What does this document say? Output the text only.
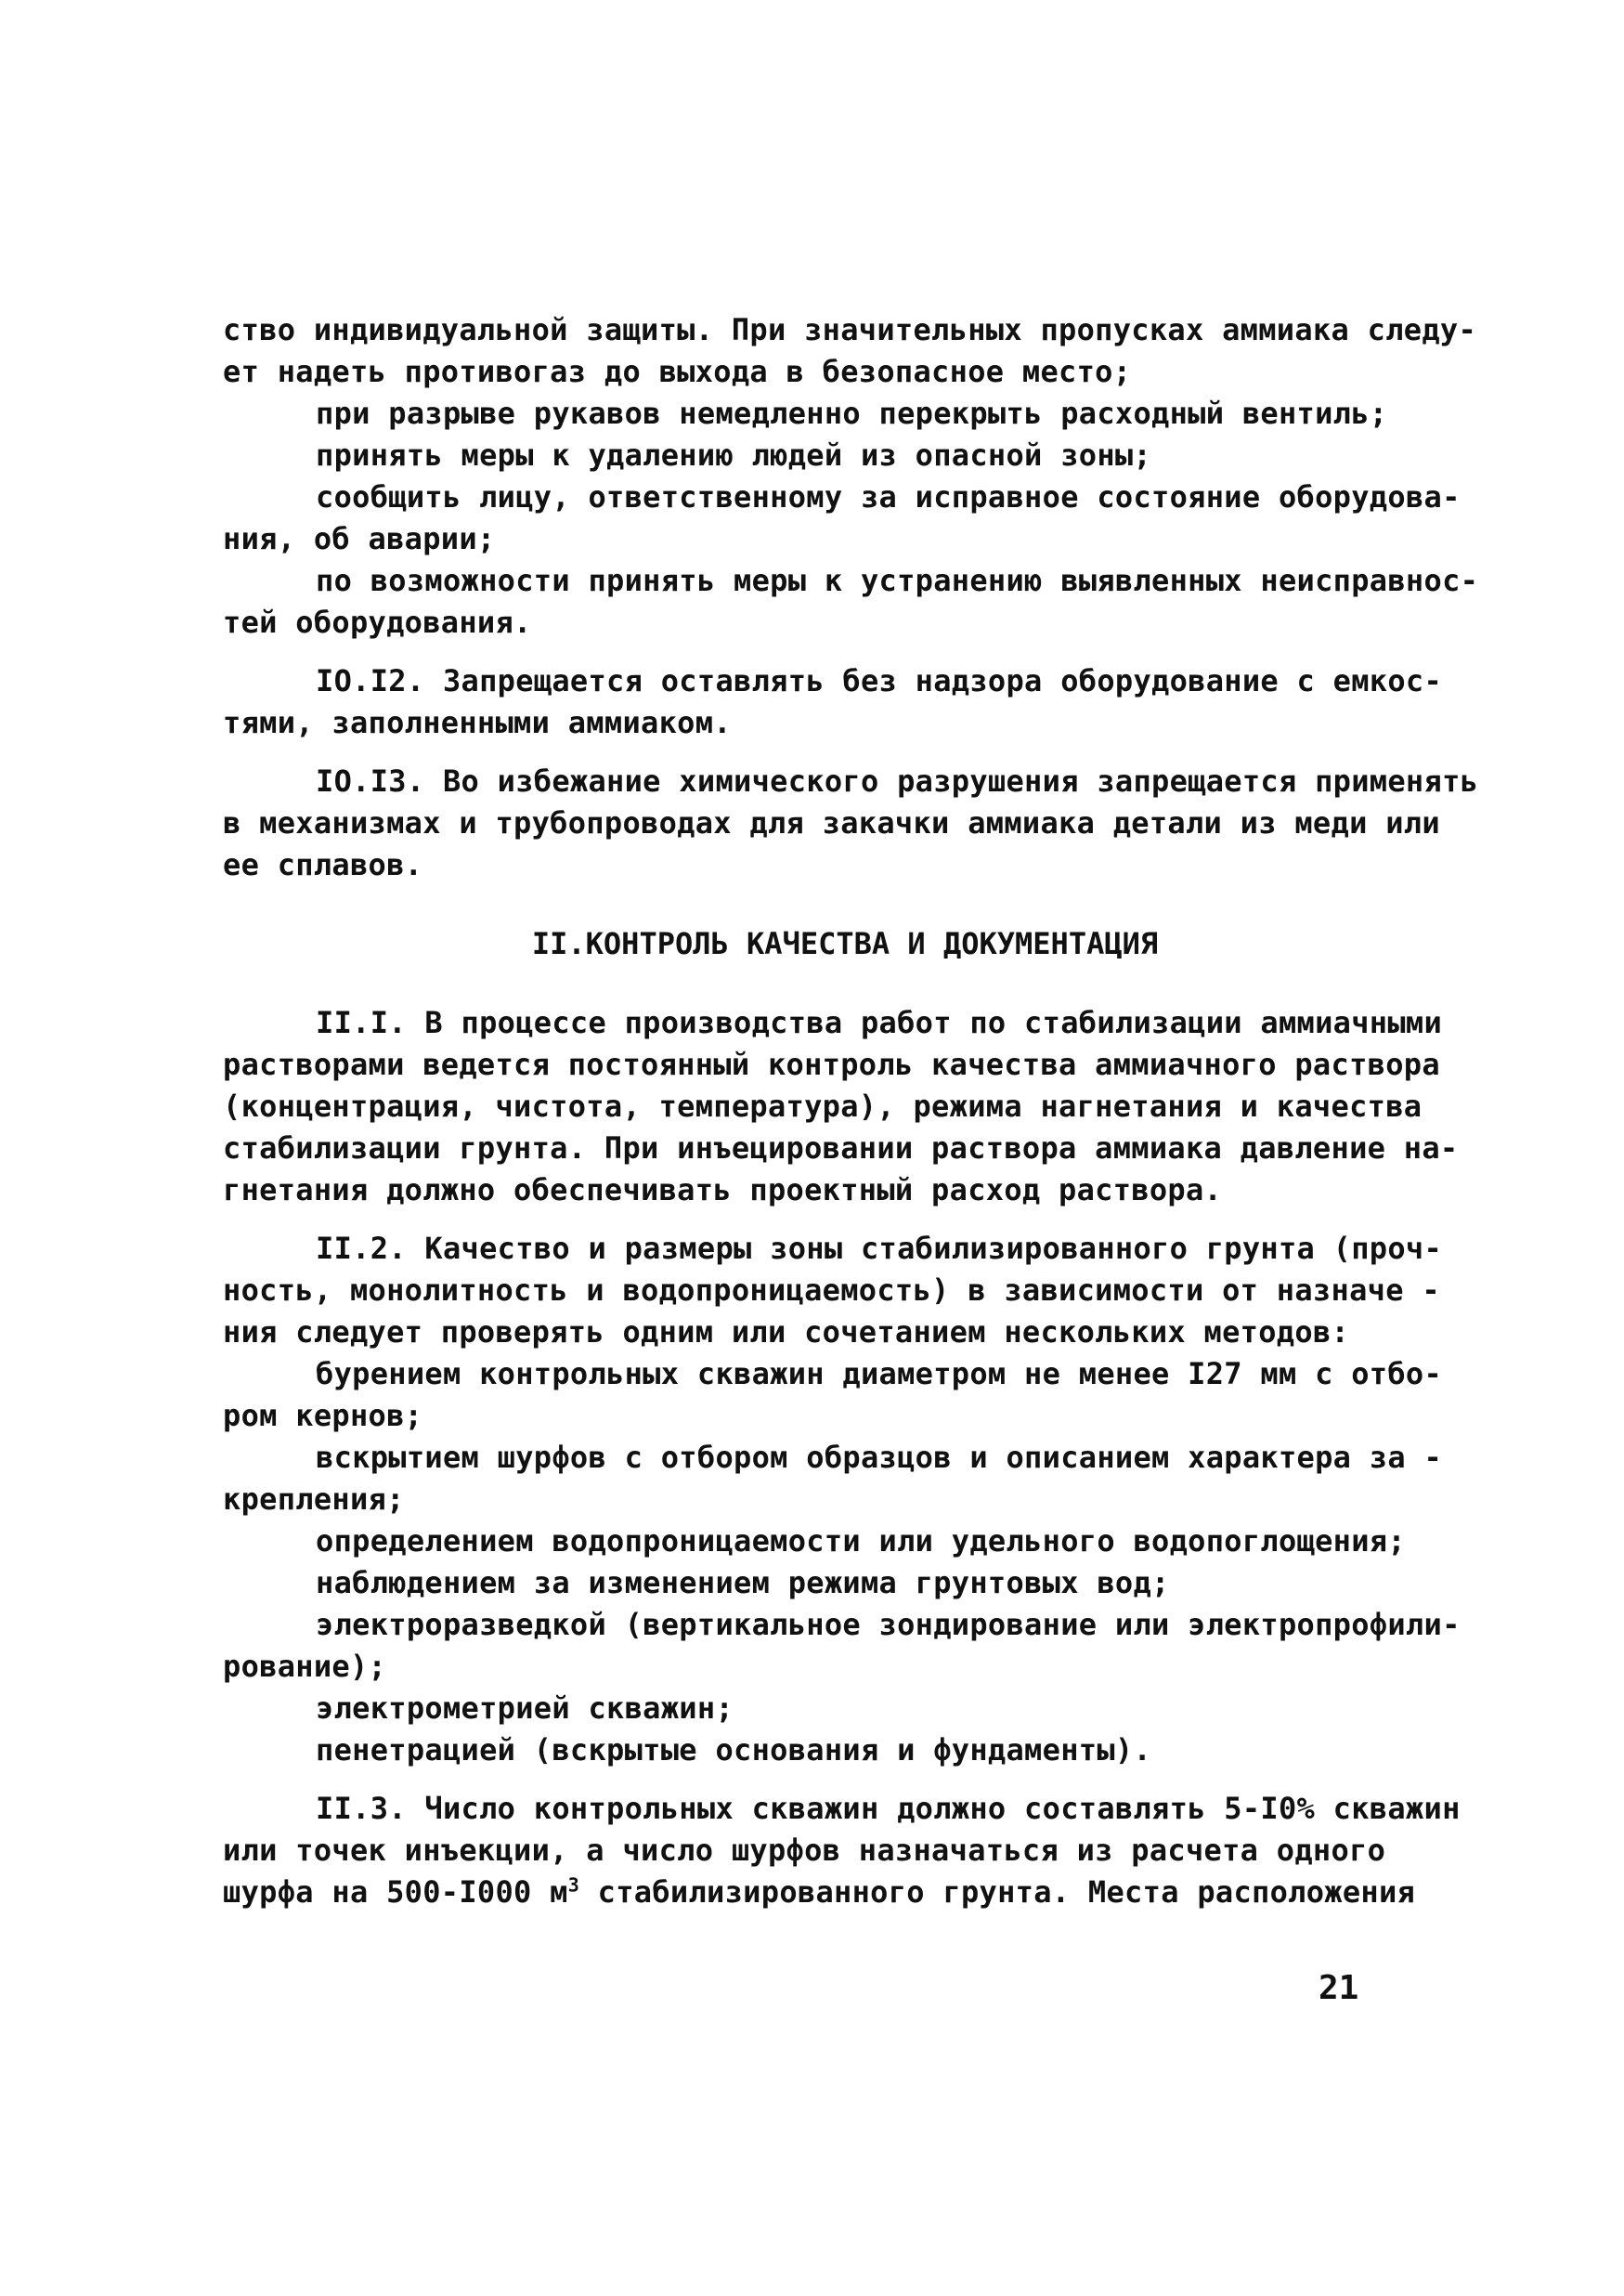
ство индивидуальной защиты. При значительных пропусках аммиака следу-
ет надеть противогаз до выхода в безопасное место;
при разрыве рукавов немедленно перекрыть расходный вентиль;
принять меры к удалению людей из опасной зоны;
сообщить лицу, ответственному за исправное состояние оборудова-
ния, об аварии;
по возможности принять меры к устранению выявленных неисправнос-
тей оборудования.
IO.I2. Запрещается оставлять без надзора оборудование с емкос-
тями, заполненными аммиаком.
IO.I3. Во избежание химического разрушения запрещается применять
в механизмах и трубопроводах для закачки аммиака детали из меди или
ее сплавов.
II.КОНТРОЛЬ КАЧЕСТВА И ДОКУМЕНТАЦИЯ
II.I. В процессе производства работ по стабилизации аммиачными
растворами ведется постоянный контроль качества аммиачного раствора
(концентрация, чистота, температура), режима нагнетания и качества
стабилизации грунта. При инъецировании раствора аммиака давление на-
гнетания должно обеспечивать проектный расход раствора.
II.2. Качество и размеры зоны стабилизированного грунта (проч-
ность, монолитность и водопроницаемость) в зависимости от назначе -
ния следует проверять одним или сочетанием нескольких методов:
бурением контрольных скважин диаметром не менее I27 мм с отбо-
ром кернов;
вскрытием шурфов с отбором образцов и описанием характера за -
крепления;
определением водопроницаемости или удельного водопоглощения;
наблюдением за изменением режима грунтовых вод;
электроразведкой (вертикальное зондирование или электропрофили-
рование);
электрометрией скважин;
пенетрацией (вскрытые основания и фундаменты).
II.3. Число контрольных скважин должно составлять 5-I0% скважин
или точек инъекции, а число шурфов назначаться из расчета одного
шурфа на 500-I000 $м^3$ стабилизированного грунта. Места расположения
21
